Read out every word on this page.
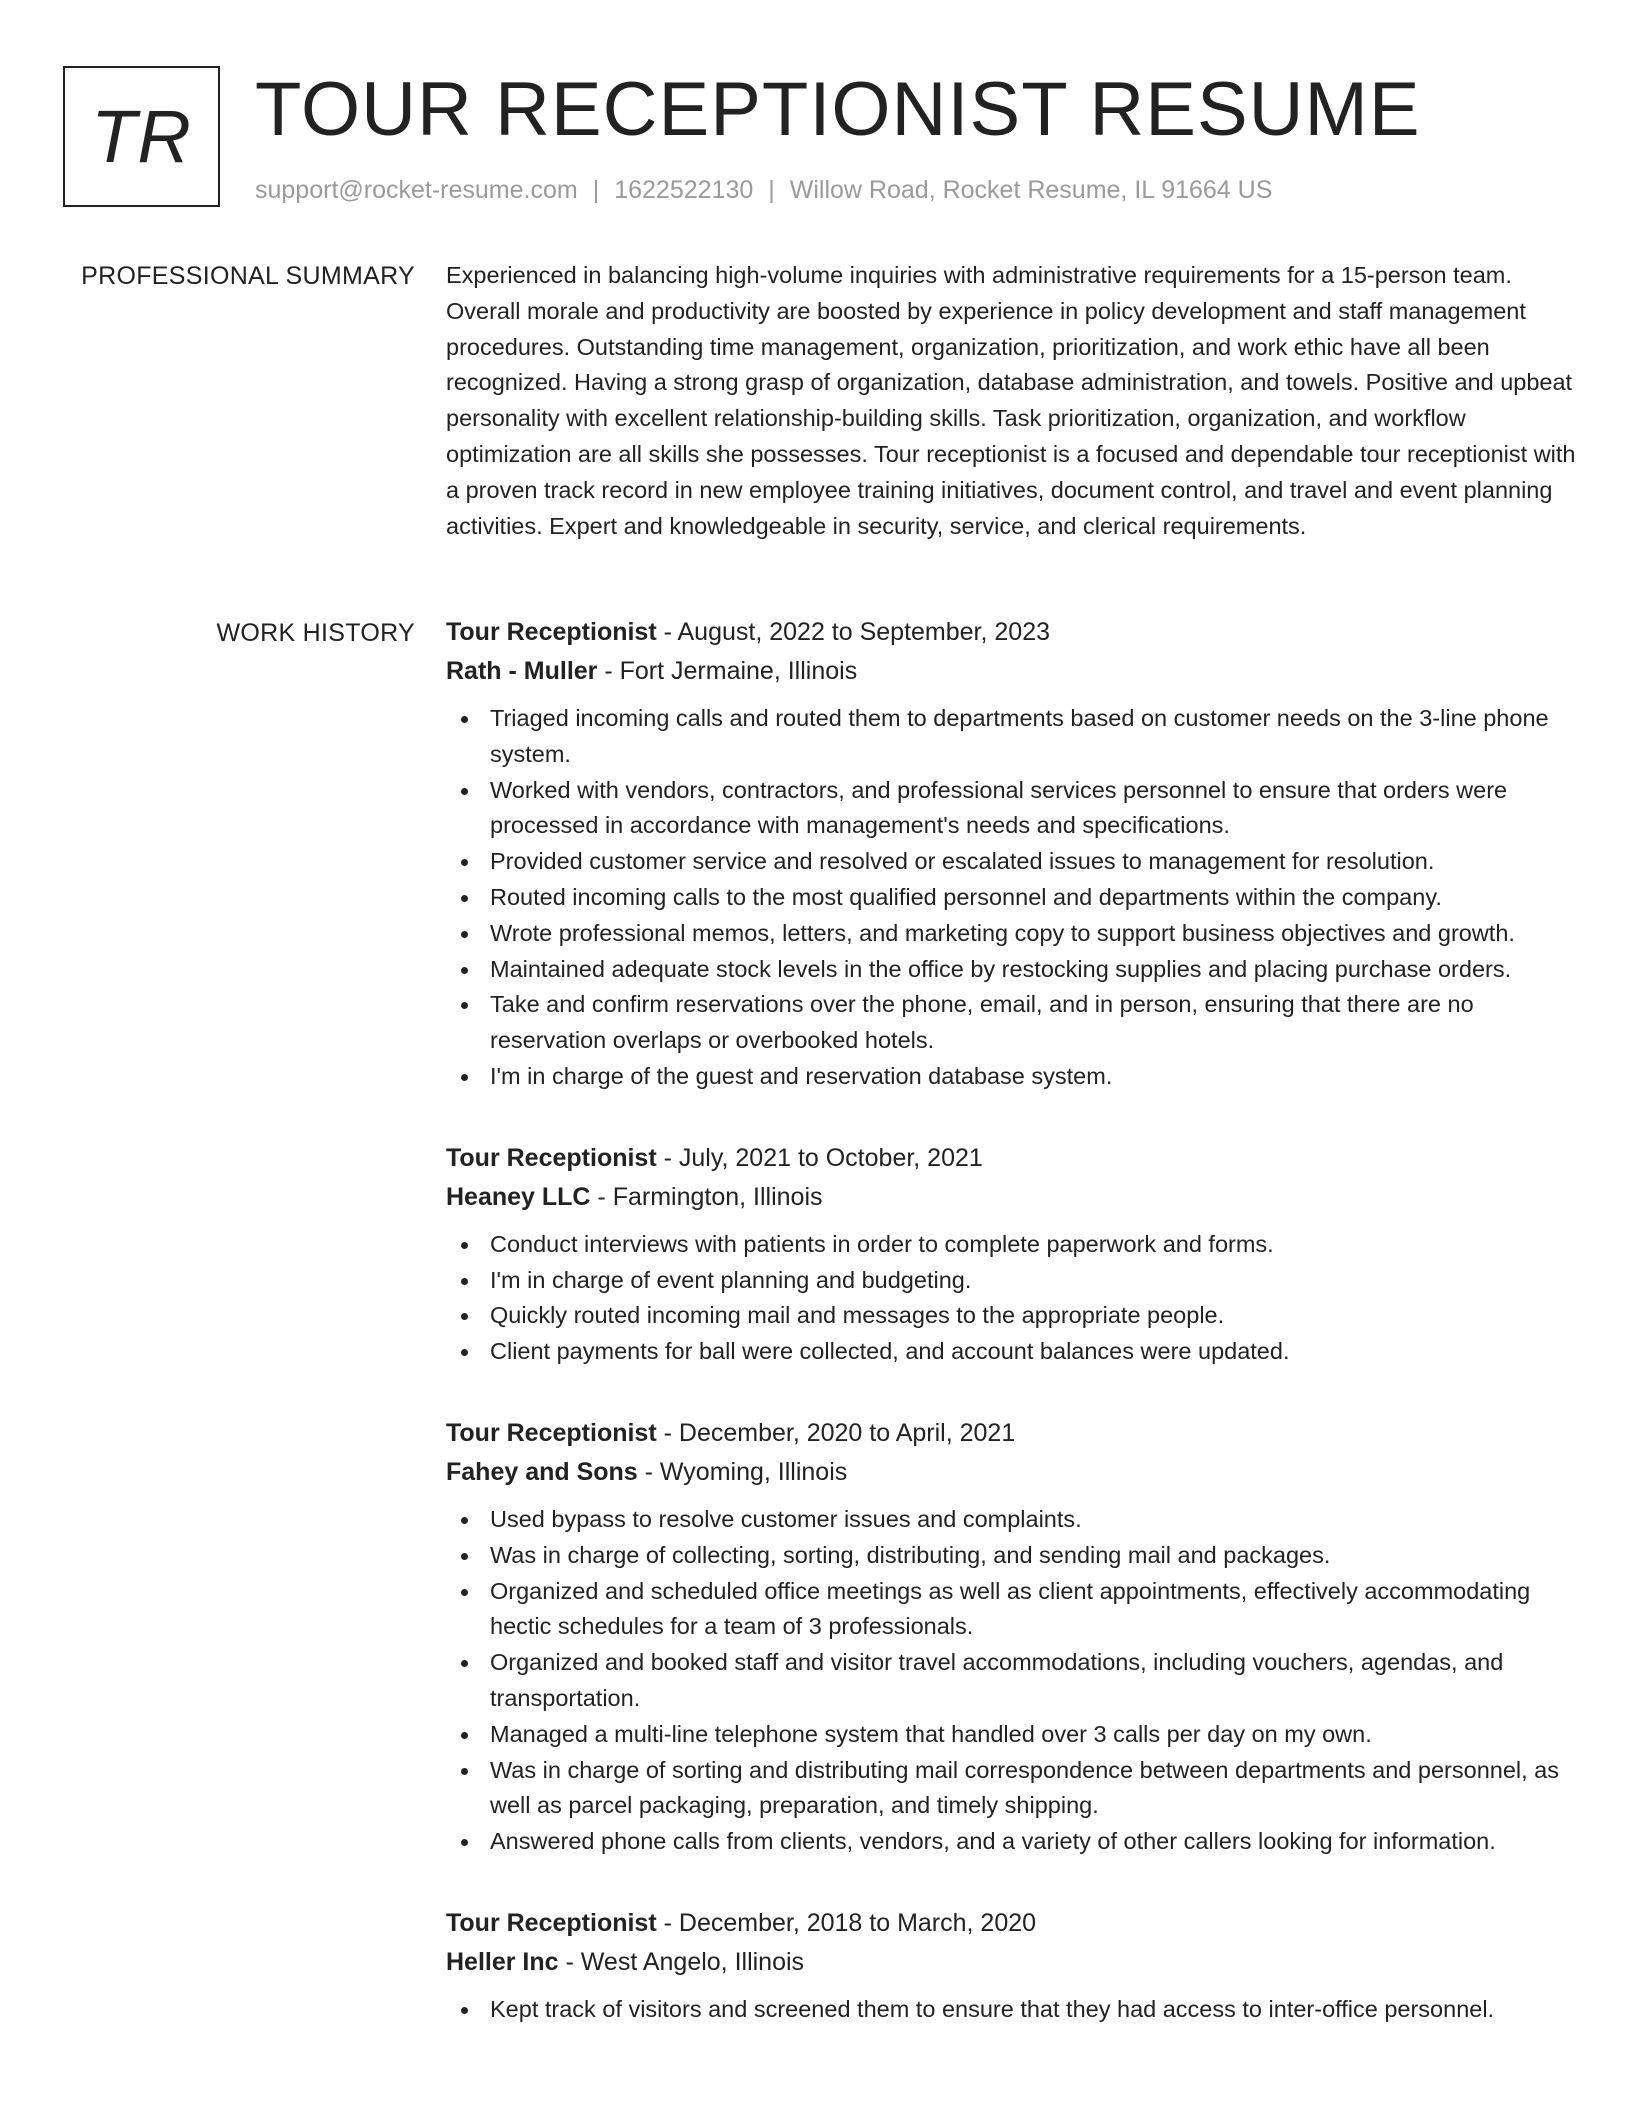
TR TOUR RECEPTIONIST RESUME
support@rocket-resume.com | 1622522130 | Willow Road, Rocket Resume, IL 91664 US
PROFESSIONAL SUMMARY Experienced in balancing high-volume inquiries with administrative requirements for a 15-person team. Overall morale and productivity are boosted by experience in policy development and staff management procedures. Outstanding time management, organization, prioritization, and work ethic have all been recognized. Having a strong grasp of organization, database administration, and towels. Positive and upbeat personality with excellent relationship-building skills. Task prioritization, organization, and workflow optimization are all skills she possesses. Tour receptionist is a focused and dependable tour receptionist with a proven track record in new employee training initiatives, document control, and travel and event planning activities. Expert and knowledgeable in security, service, and clerical requirements.

WORK HISTORY Tour Receptionist - August, 2022 to September, 2023
Rath - Muller - Fort Jermaine, Illinois
Triaged incoming calls and routed them to departments based on customer needs on the 3-line phone system.
Worked with vendors, contractors, and professional services personnel to ensure that orders were processed in accordance with management's needs and specifications.
Provided customer service and resolved or escalated issues to management for resolution.
Routed incoming calls to the most qualified personnel and departments within the company.
Wrote professional memos, letters, and marketing copy to support business objectives and growth.
Maintained adequate stock levels in the office by restocking supplies and placing purchase orders.
Take and confirm reservations over the phone, email, and in person, ensuring that there are no reservation overlaps or overbooked hotels.
I'm in charge of the guest and reservation database system.
Tour Receptionist - July, 2021 to October, 2021
Heaney LLC - Farmington, Illinois
Conduct interviews with patients in order to complete paperwork and forms.
I'm in charge of event planning and budgeting.
Quickly routed incoming mail and messages to the appropriate people.
Client payments for ball were collected, and account balances were updated.
Tour Receptionist - December, 2020 to April, 2021
Fahey and Sons - Wyoming, Illinois
Used bypass to resolve customer issues and complaints.
Was in charge of collecting, sorting, distributing, and sending mail and packages.
Organized and scheduled office meetings as well as client appointments, effectively accommodating hectic schedules for a team of 3 professionals.
Organized and booked staff and visitor travel accommodations, including vouchers, agendas, and transportation.
Managed a multi-line telephone system that handled over 3 calls per day on my own.
Was in charge of sorting and distributing mail correspondence between departments and personnel, as well as parcel packaging, preparation, and timely shipping.
Answered phone calls from clients, vendors, and a variety of other callers looking for information.
Tour Receptionist - December, 2018 to March, 2020
Heller Inc - West Angelo, Illinois
Kept track of visitors and screened them to ensure that they had access to inter-office personnel.
